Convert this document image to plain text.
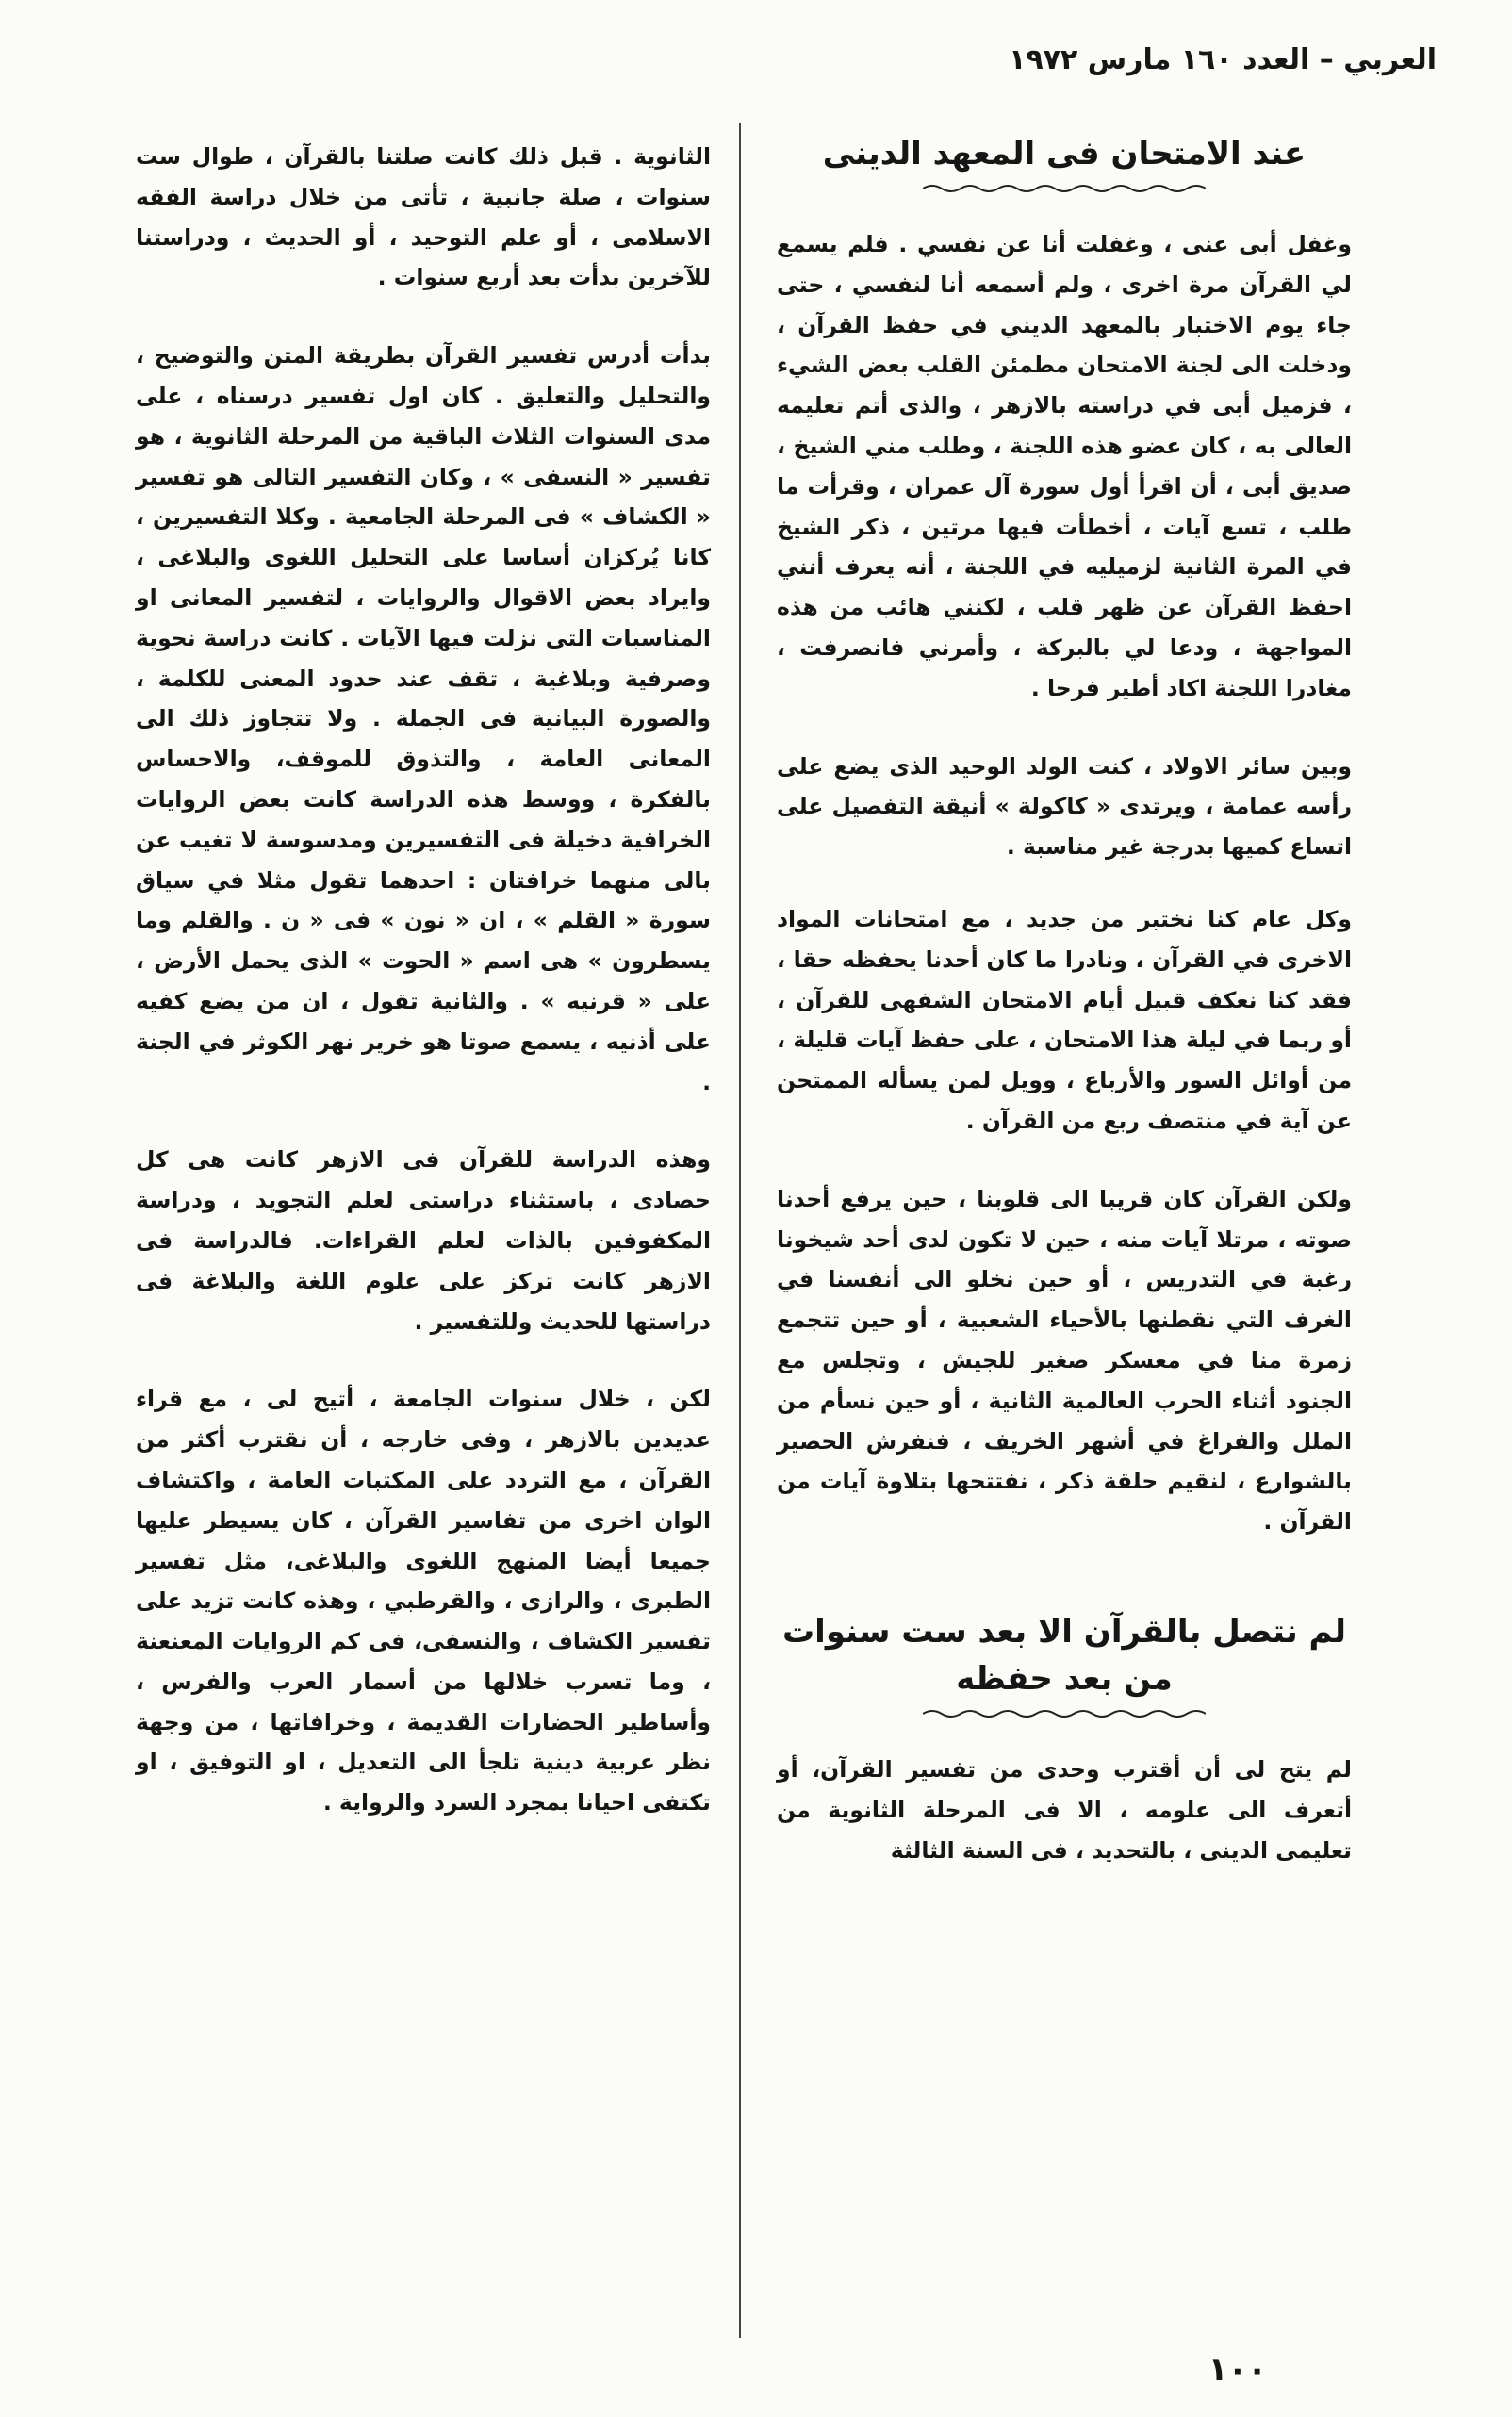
العربي – العدد ١٦٠ مارس ١٩٧٢
عند الامتحان فى المعهد الدينى

وغفل أبى عنى ، وغفلت أنا عن نفسي . فلم يسمع لي القرآن مرة اخرى ، ولم أسمعه أنا لنفسي ، حتى جاء يوم الاختبار بالمعهد الديني في حفظ القرآن ، ودخلت الى لجنة الامتحان مطمئن القلب بعض الشيء ، فزميل أبى في دراسته بالازهر ، والذى أتم تعليمه العالى به ، كان عضو هذه اللجنة ، وطلب مني الشيخ ، صديق أبى ، أن اقرأ أول سورة آل عمران ، وقرأت ما طلب ، تسع آيات ، أخطأت فيها مرتين ، ذكر الشيخ في المرة الثانية لزميليه في اللجنة ، أنه يعرف أنني احفظ القرآن عن ظهر قلب ، لكنني هائب من هذه المواجهة ، ودعا لي بالبركة ، وأمرني فانصرفت ، مغادرا اللجنة اكاد أطير فرحا .

وبين سائر الاولاد ، كنت الولد الوحيد الذى يضع على رأسه عمامة ، ويرتدى « كاكولة » أنيقة التفصيل على اتساع كميها بدرجة غير مناسبة .

وكل عام كنا نختبر من جديد ، مع امتحانات المواد الاخرى في القرآن ، ونادرا ما كان أحدنا يحفظه حقا ، فقد كنا نعكف قبيل أيام الامتحان الشفهى للقرآن ، أو ربما في ليلة هذا الامتحان ، على حفظ آيات قليلة ، من أوائل السور والأرباع ، وويل لمن يسأله الممتحن عن آية في منتصف ربع من القرآن .

ولكن القرآن كان قريبا الى قلوبنا ، حين يرفع أحدنا صوته ، مرتلا آيات منه ، حين لا تكون لدى أحد شيخونا رغبة في التدريس ، أو حين نخلو الى أنفسنا في الغرف التي نقطنها بالأحياء الشعبية ، أو حين تتجمع زمرة منا في معسكر صغير للجيش ، وتجلس مع الجنود أثناء الحرب العالمية الثانية ، أو حين نسأم من الملل والفراغ في أشهر الخريف ، فنفرش الحصير بالشوارع ، لنقيم حلقة ذكر ، نفتتحها بتلاوة آيات من القرآن .

لم نتصل بالقرآن الا بعد ست سنوات من بعد حفظه

لم يتح لى أن أقترب وحدى من تفسير القرآن، أو أتعرف الى علومه ، الا فى المرحلة الثانوية من تعليمى الدينى ، بالتحديد ، فى السنة الثالثة

الثانوية . قبل ذلك كانت صلتنا بالقرآن ، طوال ست سنوات ، صلة جانبية ، تأتى من خلال دراسة الفقه الاسلامى ، أو علم التوحيد ، أو الحديث ، ودراستنا للآخرين بدأت بعد أربع سنوات .

بدأت أدرس تفسير القرآن بطريقة المتن والتوضيح ، والتحليل والتعليق . كان اول تفسير درسناه ، على مدى السنوات الثلاث الباقية من المرحلة الثانوية ، هو تفسير « النسفى » ، وكان التفسير التالى هو تفسير « الكشاف » فى المرحلة الجامعية . وكلا التفسيرين ، كانا يُركزان أساسا على التحليل اللغوى والبلاغى ، وايراد بعض الاقوال والروايات ، لتفسير المعانى او المناسبات التى نزلت فيها الآيات . كانت دراسة نحوية وصرفية وبلاغية ، تقف عند حدود المعنى للكلمة ، والصورة البيانية فى الجملة . ولا تتجاوز ذلك الى المعانى العامة ، والتذوق للموقف، والاحساس بالفكرة ، ووسط هذه الدراسة كانت بعض الروايات الخرافية دخيلة فى التفسيرين ومدسوسة لا تغيب عن بالى منهما خرافتان : احدهما تقول مثلا في سياق سورة « القلم » ، ان « نون » فى « ن . والقلم وما يسطرون » هى اسم « الحوت » الذى يحمل الأرض ، على « قرنيه » . والثانية تقول ، ان من يضع كفيه على أذنيه ، يسمع صوتا هو خرير نهر الكوثر في الجنة .

وهذه الدراسة للقرآن فى الازهر كانت هى كل حصادى ، باستثناء دراستى لعلم التجويد ، ودراسة المكفوفين بالذات لعلم القراءات. فالدراسة فى الازهر كانت تركز على علوم اللغة والبلاغة فى دراستها للحديث وللتفسير .

لكن ، خلال سنوات الجامعة ، أتيح لى ، مع قراء عديدين بالازهر ، وفى خارجه ، أن نقترب أكثر من القرآن ، مع التردد على المكتبات العامة ، واكتشاف الوان اخرى من تفاسير القرآن ، كان يسيطر عليها جميعا أيضا المنهج اللغوى والبلاغى، مثل تفسير الطبرى ، والرازى ، والقرطبي ، وهذه كانت تزيد على تفسير الكشاف ، والنسفى، فى كم الروايات المعنعنة ، وما تسرب خلالها من أسمار العرب والفرس ، وأساطير الحضارات القديمة ، وخرافاتها ، من وجهة نظر عربية دينية تلجأ الى التعديل ، او التوفيق ، او تكتفى احيانا بمجرد السرد والرواية .

١٠٠
